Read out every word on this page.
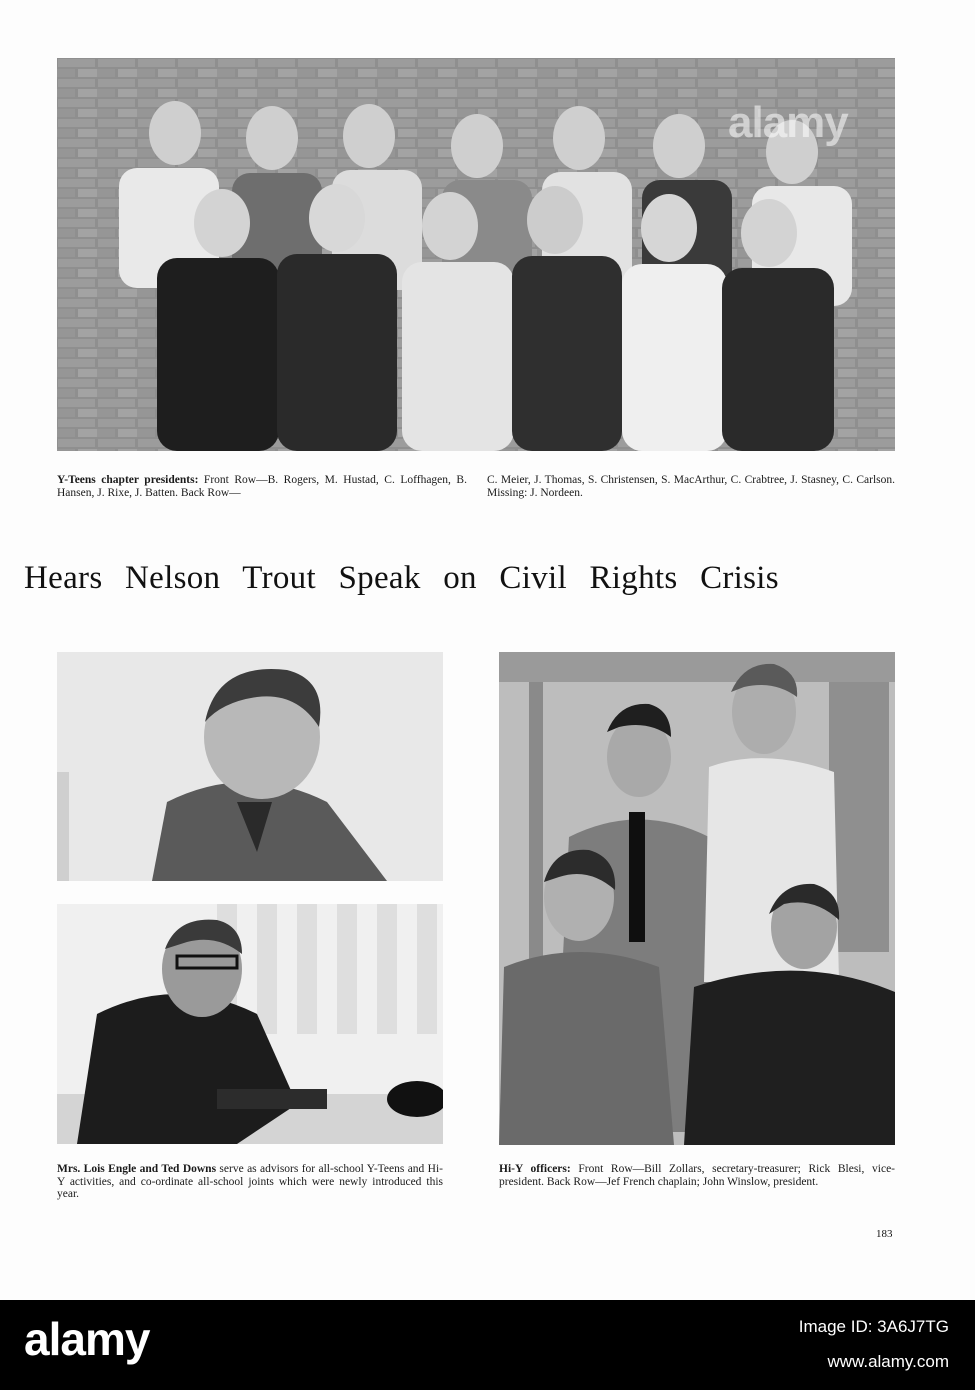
alamy
Y-Teens chapter presidents: Front Row—B. Rogers, M. Hustad, C. Loffhagen, B. Hansen, J. Rixe, J. Batten. Back Row—
C. Meier, J. Thomas, S. Christensen, S. MacArthur, C. Crabtree, J. Stasney, C. Carlson. Missing: J. Nordeen.
Hears Nelson Trout Speak on Civil Rights Crisis
Mrs. Lois Engle and Ted Downs serve as advisors for all-school Y-Teens and Hi-Y activities, and co-ordinate all-school joints which were newly introduced this year.
Hi-Y officers: Front Row—Bill Zollars, secretary-treasurer; Rick Blesi, vice-president. Back Row—Jef French chaplain; John Winslow, president.
183
alamy	Image ID: 3A6J7TG
www.alamy.com
